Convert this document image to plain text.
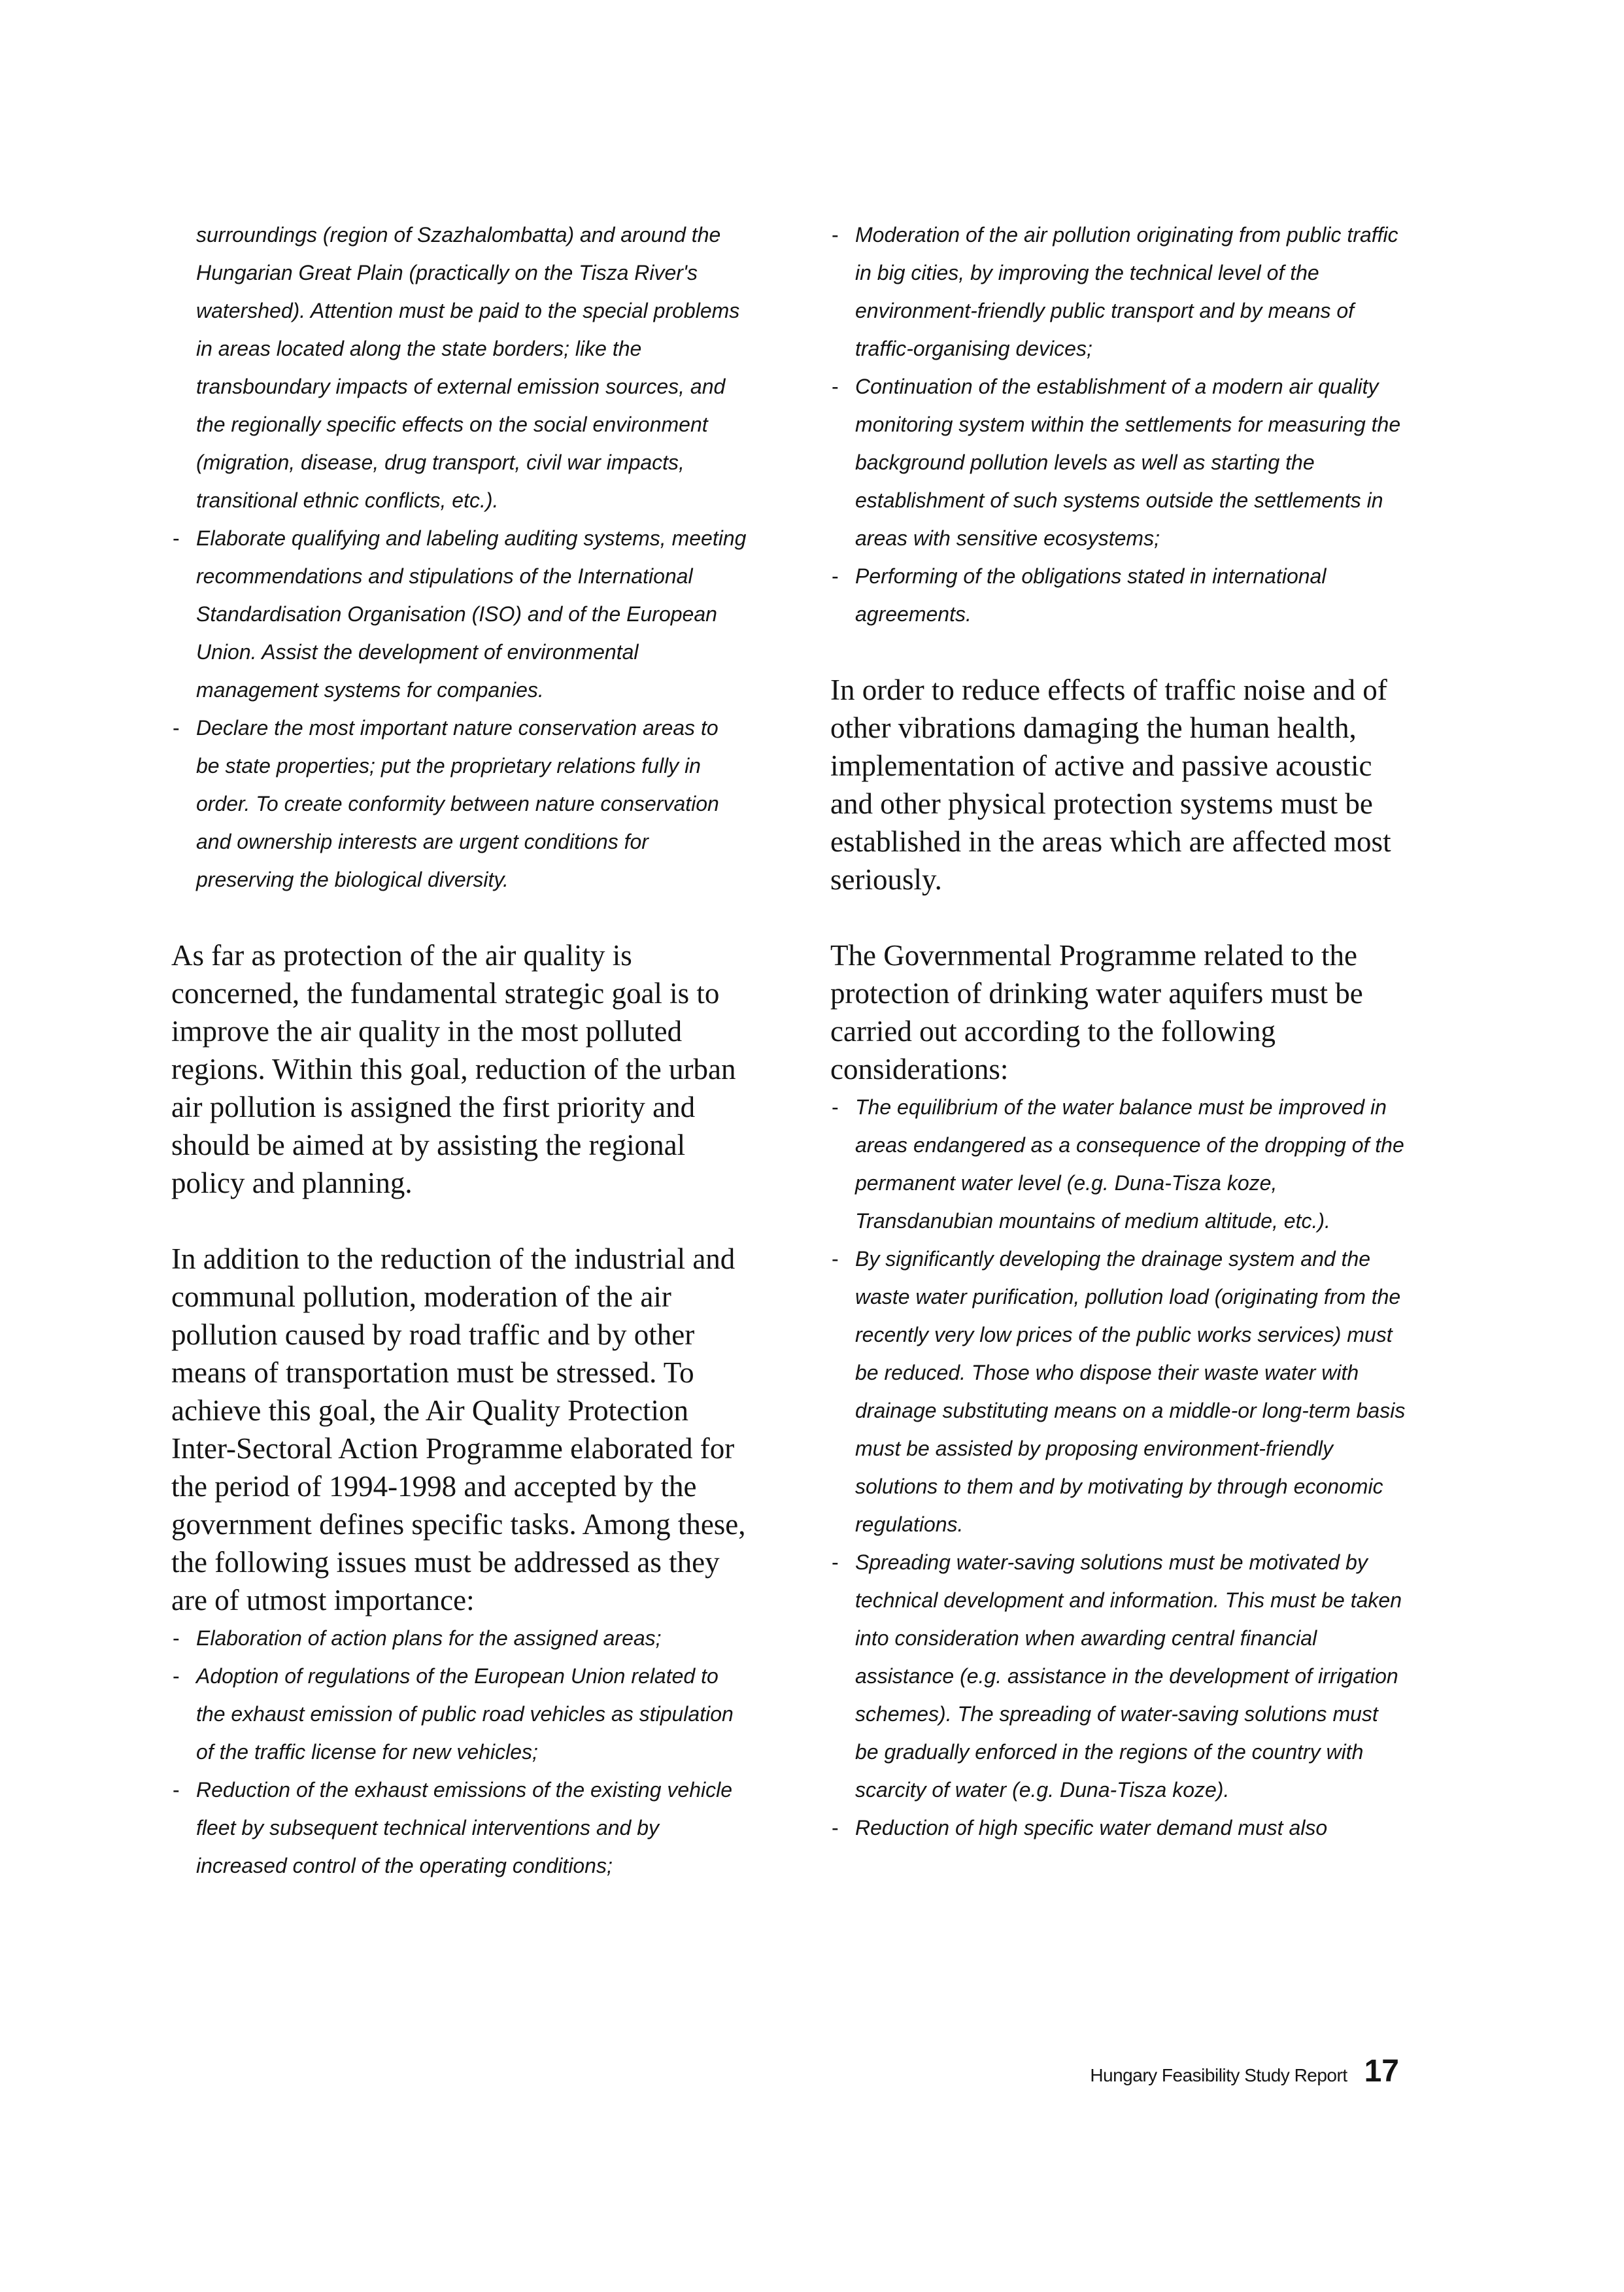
surroundings (region of Szazhalombatta) and around the Hungarian Great Plain (practically on the Tisza River's watershed). Attention must be paid to the special problems in areas located along the state borders; like the transboundary impacts of external emission sources, and the regionally specific effects on the social environment (migration, disease, drug transport, civil war impacts, transitional ethnic conflicts, etc.).

- Elaborate qualifying and labeling auditing systems, meeting recommendations and stipulations of the International Standardisation Organisation (ISO) and of the European Union. Assist the development of environmental management systems for companies.
- Declare the most important nature conservation areas to be state properties; put the proprietary relations fully in order. To create conformity between nature conservation and ownership interests are urgent conditions for preserving the biological diversity.

As far as protection of the air quality is concerned, the fundamental strategic goal is to improve the air quality in the most polluted regions. Within this goal, reduction of the urban air pollution is assigned the first priority and should be aimed at by assisting the regional policy and planning.

In addition to the reduction of the industrial and communal pollution, moderation of the air pollution caused by road traffic and by other means of transportation must be stressed. To achieve this goal, the Air Quality Protection Inter-Sectoral Action Programme elaborated for the period of 1994-1998 and accepted by the government defines specific tasks. Among these, the following issues must be addressed as they are of utmost importance:

- Elaboration of action plans for the assigned areas;
- Adoption of regulations of the European Union related to the exhaust emission of public road vehicles as stipulation of the traffic license for new vehicles;
- Reduction of the exhaust emissions of the existing vehicle fleet by subsequent technical interventions and by increased control of the operating conditions;
- Moderation of the air pollution originating from public traffic in big cities, by improving the technical level of the environment-friendly public transport and by means of traffic-organising devices;
- Continuation of the establishment of a modern air quality monitoring system within the settlements for measuring the background pollution levels as well as starting the establishment of such systems outside the settlements in areas with sensitive ecosystems;
- Performing of the obligations stated in international agreements.

In order to reduce effects of traffic noise and of other vibrations damaging the human health, implementation of active and passive acoustic and other physical protection systems must be established in the areas which are affected most seriously.

The Governmental Programme related to the protection of drinking water aquifers must be carried out according to the following considerations:

- The equilibrium of the water balance must be improved in areas endangered as a consequence of the dropping of the permanent water level (e.g. Duna-Tisza koze, Transdanubian mountains of medium altitude, etc.).
- By significantly developing the drainage system and the waste water purification, pollution load (originating from the recently very low prices of the public works services) must be reduced. Those who dispose their waste water with drainage substituting means on a middle-or long-term basis must be assisted by proposing environment-friendly solutions to them and by motivating by through economic regulations.
- Spreading water-saving solutions must be motivated by technical development and information. This must be taken into consideration when awarding central financial assistance (e.g. assistance in the development of irrigation schemes). The spreading of water-saving solutions must be gradually enforced in the regions of the country with scarcity of water (e.g. Duna-Tisza koze).
- Reduction of high specific water demand must also
Hungary Feasibility Study Report 17
